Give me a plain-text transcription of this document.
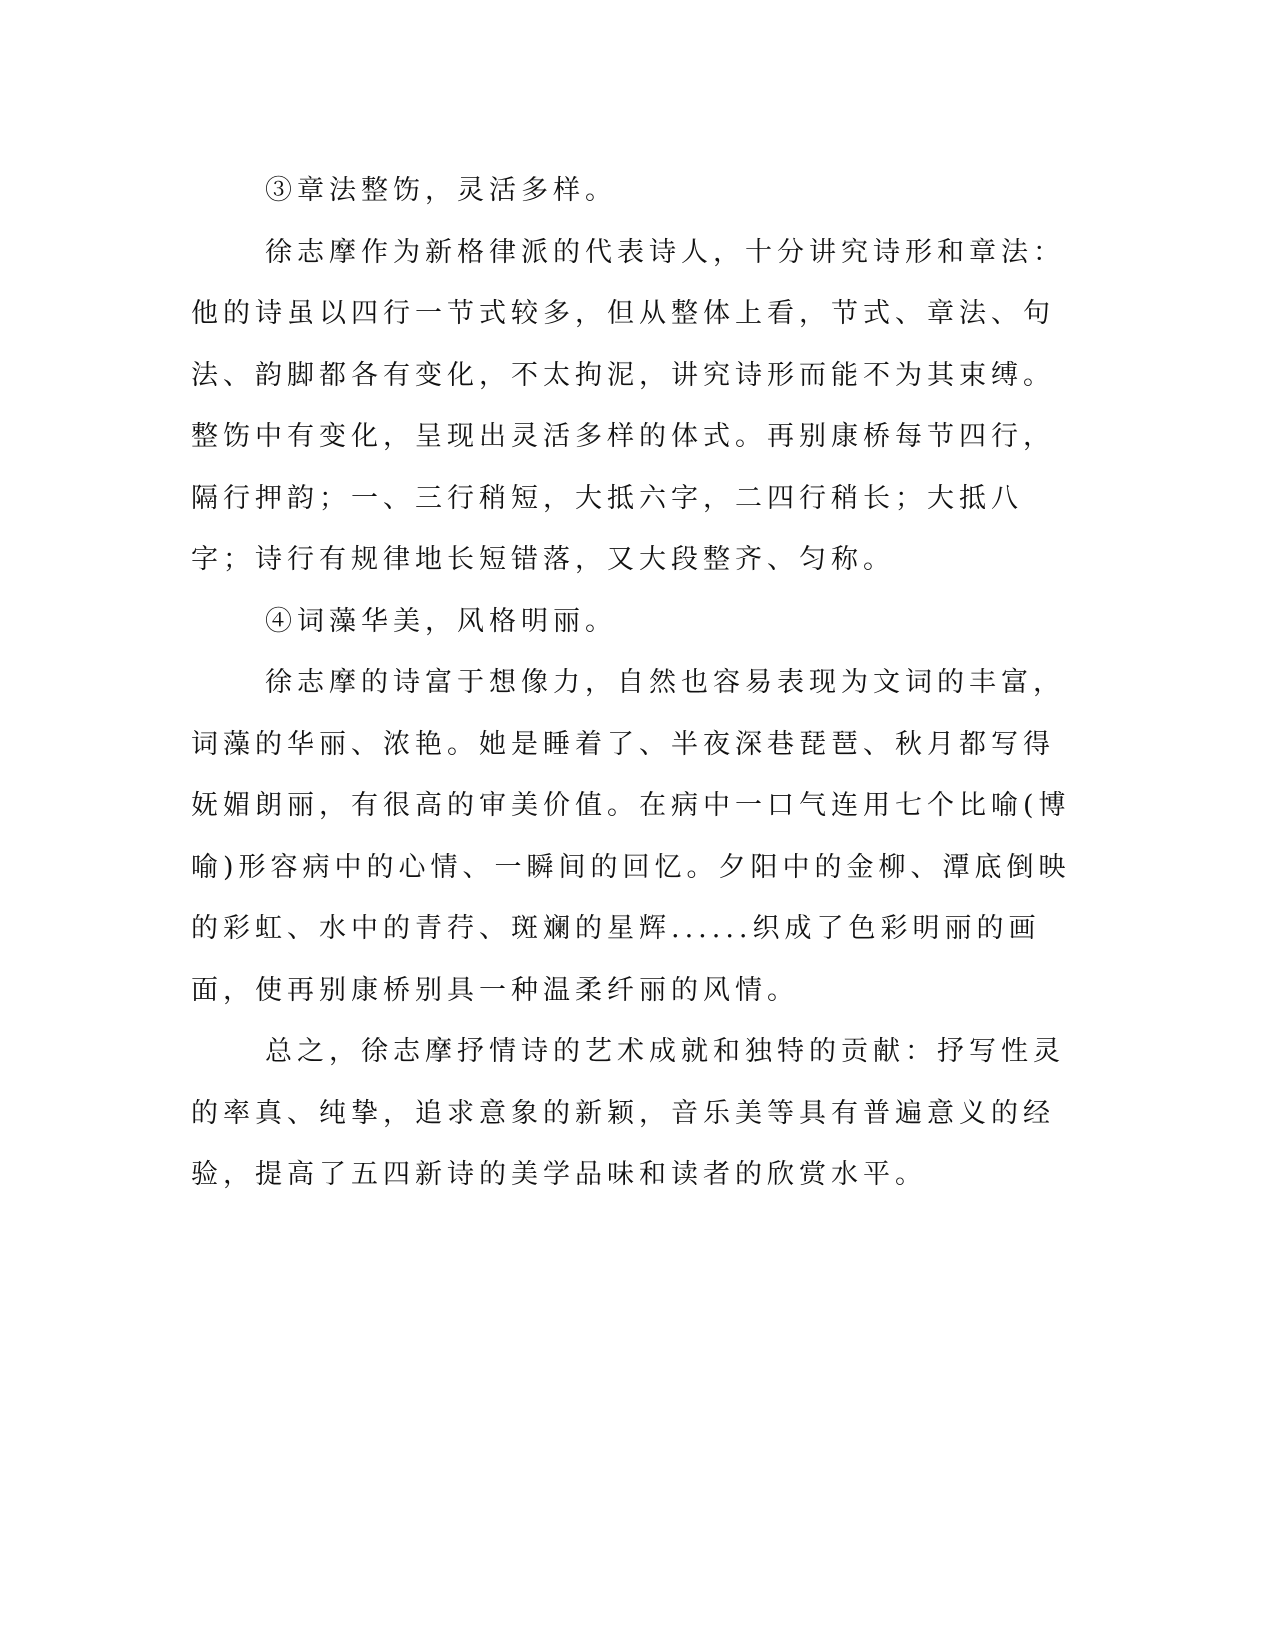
③章法整饬，灵活多样。

徐志摩作为新格律派的代表诗人，十分讲究诗形和章法：他的诗虽以四行一节式较多，但从整体上看，节式、章法、句法、韵脚都各有变化，不太拘泥，讲究诗形而能不为其束缚。整饬中有变化，呈现出灵活多样的体式。再别康桥每节四行，隔行押韵；一、三行稍短，大抵六字，二四行稍长；大抵八字；诗行有规律地长短错落，又大段整齐、匀称。

④词藻华美，风格明丽。

徐志摩的诗富于想像力，自然也容易表现为文词的丰富，词藻的华丽、浓艳。她是睡着了、半夜深巷琵琶、秋月都写得妩媚朗丽，有很高的审美价值。在病中一口气连用七个比喻(博喻)形容病中的心情、一瞬间的回忆。夕阳中的金柳、潭底倒映的彩虹、水中的青荇、斑斓的星辉......织成了色彩明丽的画面，使再别康桥别具一种温柔纤丽的风情。

总之，徐志摩抒情诗的艺术成就和独特的贡献：抒写性灵的率真、纯挚，追求意象的新颖，音乐美等具有普遍意义的经验，提高了五四新诗的美学品味和读者的欣赏水平。
